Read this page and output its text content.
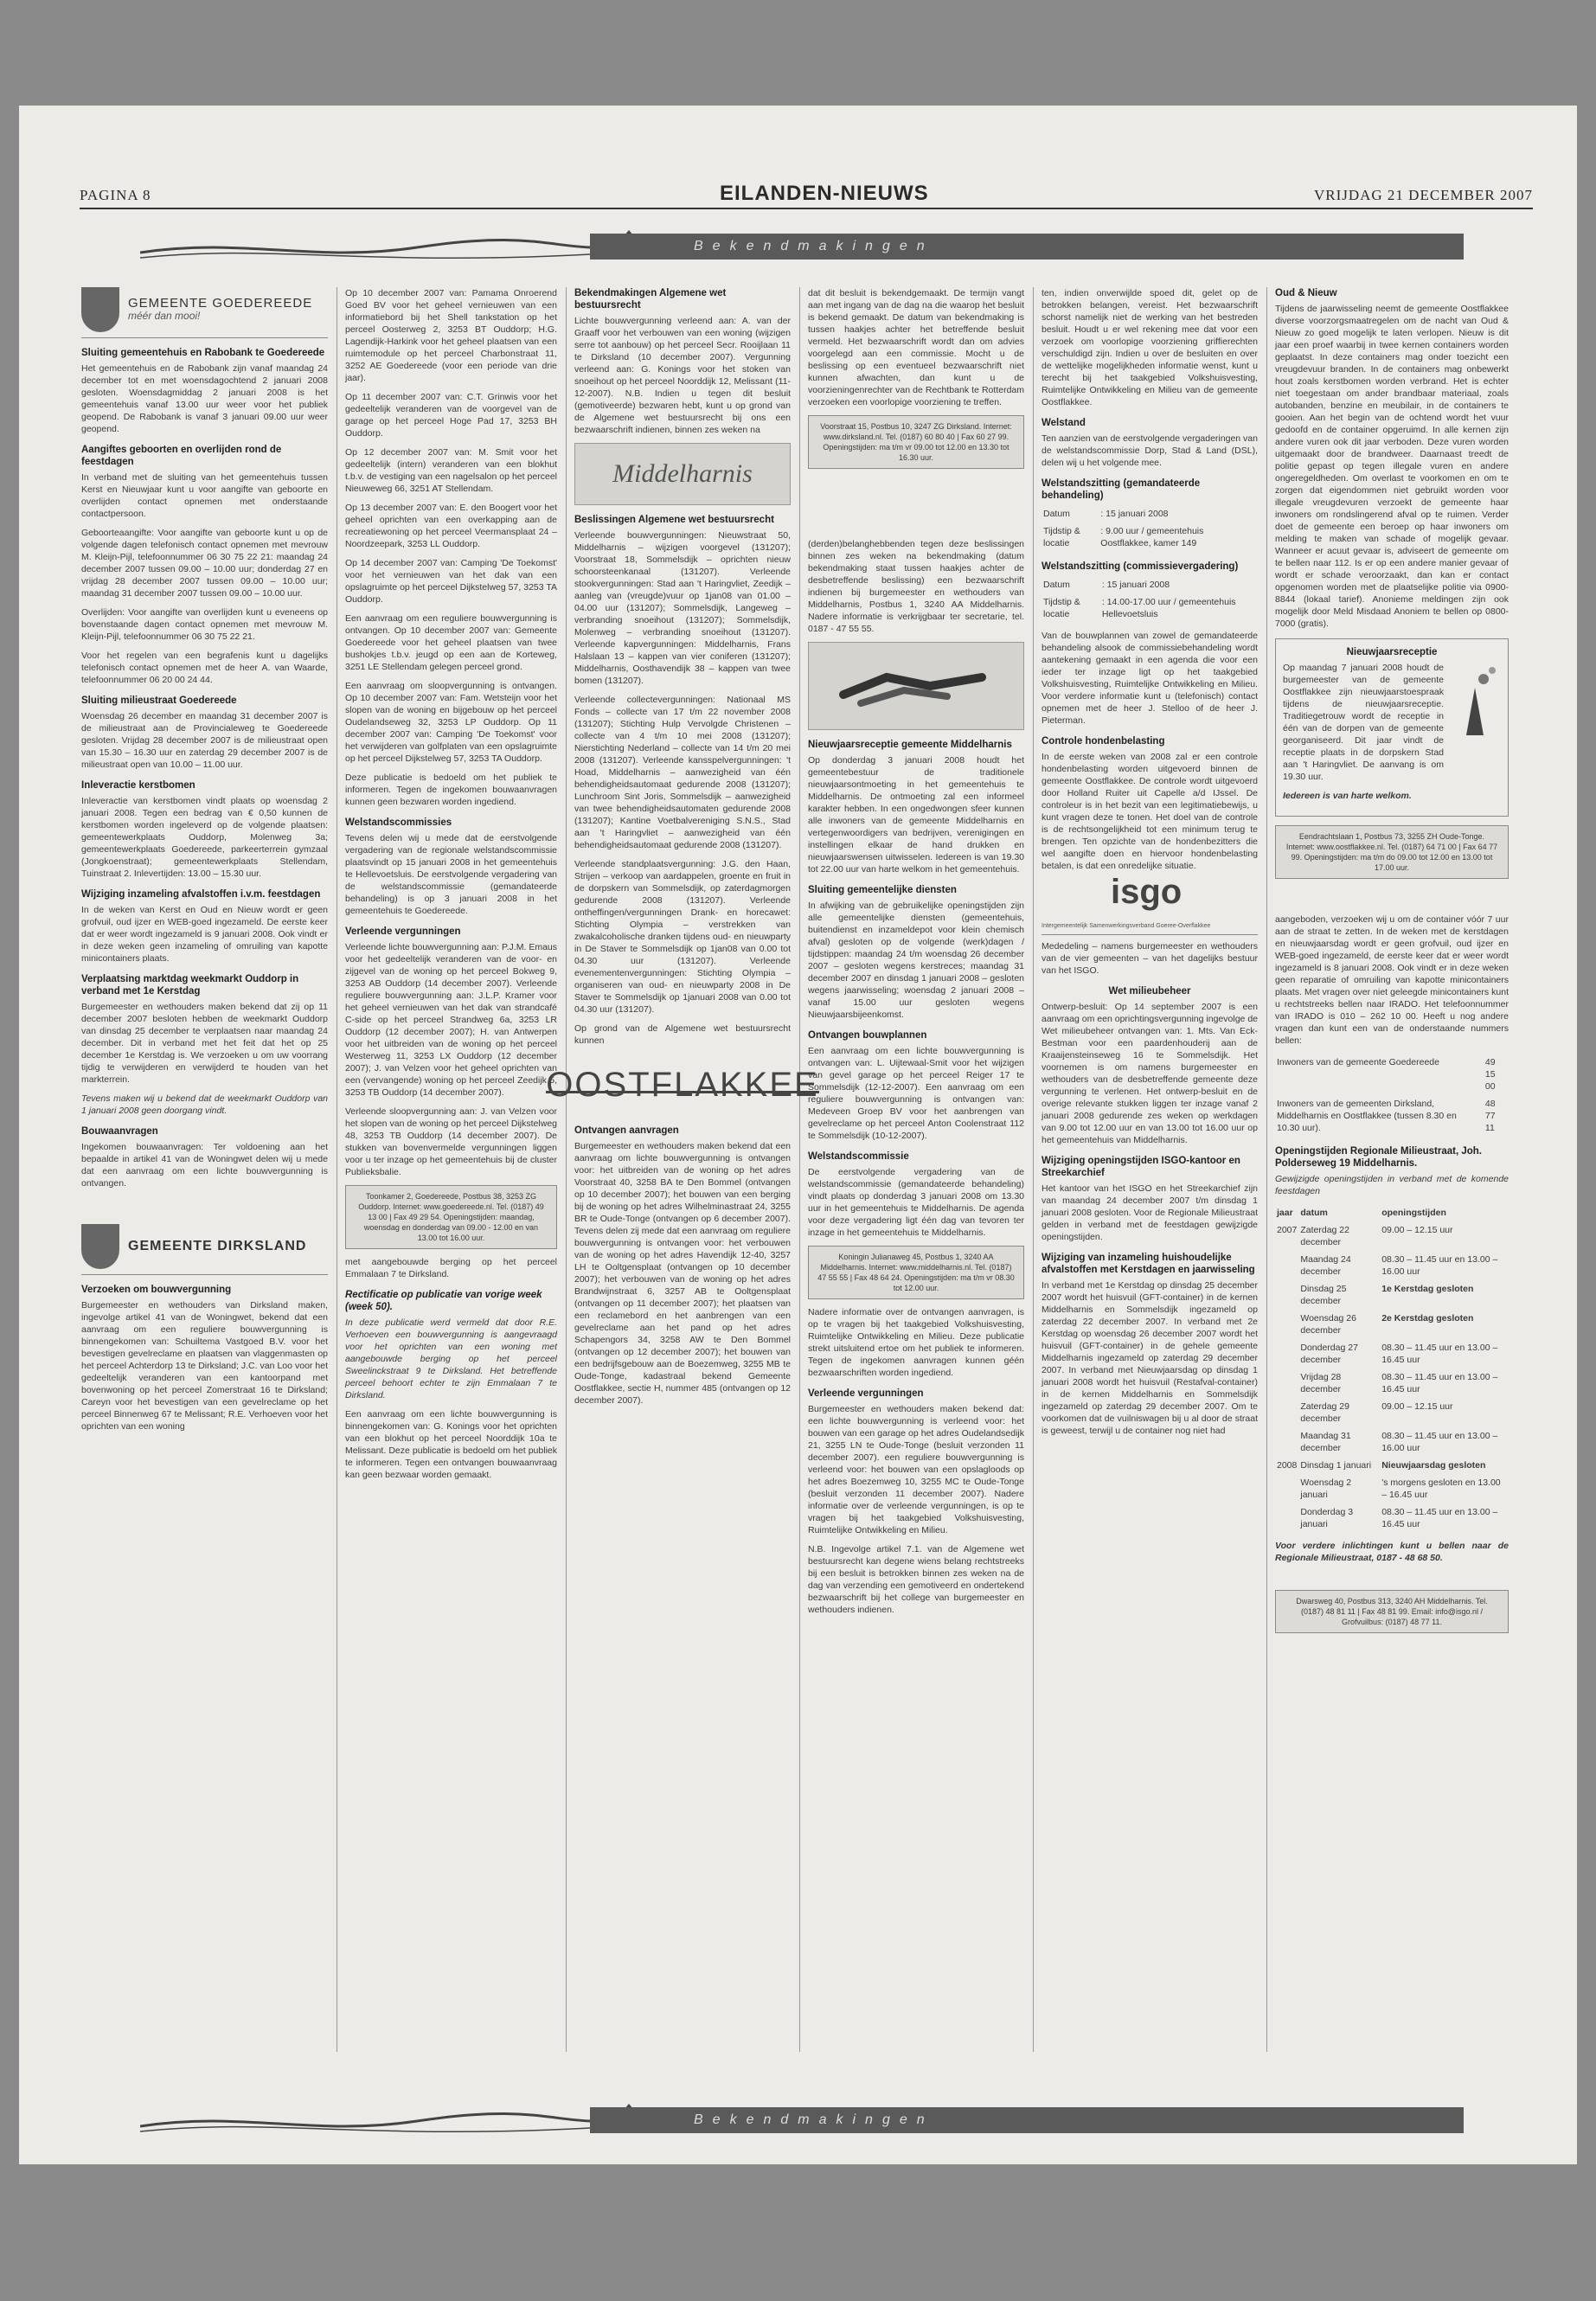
PAGINA 8	EILANDEN-NIEUWS	VRIJDAG 21 DECEMBER 2007
Bekendmakingen
GEMEENTE GOEDEREEDE
méér dan mooi!
Sluiting gemeentehuis en Rabobank te Goedereede

Het gemeentehuis en de Rabobank zijn vanaf maandag 24 december tot en met woensdagochtend 2 januari 2008 gesloten. Woensdagmiddag 2 januari 2008 is het gemeentehuis vanaf 13.00 uur weer voor het publiek geopend. De Rabobank is vanaf 3 januari 09.00 uur weer geopend.

Aangiftes geboorten en overlijden rond de feestdagen

In verband met de sluiting van het gemeentehuis tussen Kerst en Nieuwjaar kunt u voor aangifte van geboorte en overlijden contact opnemen met onderstaande contactpersoon.

Geboorteaangifte: Voor aangifte van geboorte kunt u op de volgende dagen telefonisch contact opnemen met mevrouw M. Kleijn-Pijl, telefoonnummer 06 30 75 22 21: maandag 24 december 2007 tussen 09.00 – 10.00 uur; donderdag 27 en vrijdag 28 december 2007 tussen 09.00 – 10.00 uur; maandag 31 december 2007 tussen 09.00 – 10.00 uur.

Overlijden: Voor aangifte van overlijden kunt u eveneens op bovenstaande dagen contact opnemen met mevrouw M. Kleijn-Pijl, telefoonnummer 06 30 75 22 21.

Voor het regelen van een begrafenis kunt u dagelijks telefonisch contact opnemen met de heer A. van Waarde, telefoonnummer 06 20 00 24 44.

Sluiting milieustraat Goedereede

Woensdag 26 december en maandag 31 december 2007 is de milieustraat aan de Provincialeweg te Goedereede gesloten. Vrijdag 28 december 2007 is de milieustraat open van 15.30 – 16.30 uur en zaterdag 29 december 2007 is de milieustraat open van 10.00 – 11.00 uur.

Inleveractie kerstbomen

Inleveractie van kerstbomen vindt plaats op woensdag 2 januari 2008. Tegen een bedrag van € 0,50 kunnen de kerstbomen worden ingeleverd op de volgende plaatsen: gemeentewerkplaats Ouddorp, Molenweg 3a; gemeentewerkplaats Goedereede, parkeerterrein gymzaal (Jongkoenstraat); gemeentewerkplaats Stellendam, Tuinstraat 2. Inlevertijden: 13.00 – 15.30 uur.

Wijziging inzameling afvalstoffen i.v.m. feestdagen

In de weken van Kerst en Oud en Nieuw wordt er geen grofvuil, oud ijzer en WEB-goed ingezameld. De eerste keer dat er weer wordt ingezameld is 9 januari 2008. Ook vindt er in deze weken geen inzameling of omruiling van kapotte minicontainers plaats.

Verplaatsing marktdag weekmarkt Ouddorp in verband met 1e Kerstdag

Burgemeester en wethouders maken bekend dat zij op 11 december 2007 besloten hebben de weekmarkt Ouddorp van dinsdag 25 december te verplaatsen naar maandag 24 december. Dit in verband met het feit dat het op 25 december 1e Kerstdag is. We verzoeken u om uw voorrang tijdig te verwijderen en verwijderd te houden van het markterrein.

Tevens maken wij u bekend dat de weekmarkt Ouddorp van 1 januari 2008 geen doorgang vindt.

Bouwaanvragen

Ingekomen bouwaanvragen: Ter voldoening aan het bepaalde in artikel 41 van de Woningwet delen wij u mede dat een aanvraag om een lichte bouwvergunning is ontvangen.

GEMEENTE DIRKSLAND
Verzoeken om bouwvergunning

Burgemeester en wethouders van Dirksland maken, ingevolge artikel 41 van de Woningwet, bekend dat een aanvraag om een reguliere bouwvergunning is binnengekomen van: Schuiltema Vastgoed B.V. voor het bevestigen gevelreclame en plaatsen van vlaggenmasten op het perceel Achterdorp 13 te Dirksland; J.C. van Loo voor het gedeeltelijk veranderen van een kantoorpand met bovenwoning op het perceel Zomerstraat 16 te Dirksland; Careyn voor het bevestigen van een gevelreclame op het perceel Binnenweg 67 te Melissant; R.E. Verhoeven voor het oprichten van een woning

Op 10 december 2007 van: Pamama Onroerend Goed BV voor het geheel vernieuwen van een informatiebord bij het Shell tankstation op het perceel Oosterweg 2, 3253 BT Ouddorp; H.G. Lagendijk-Harkink voor het geheel plaatsen van een ruimtemodule op het perceel Charbonstraat 11, 3252 AE Goedereede (voor een periode van drie jaar).

Op 11 december 2007 van: C.T. Grinwis voor het gedeeltelijk veranderen van de voorgevel van de garage op het perceel Hoge Pad 17, 3253 BH Ouddorp.

Op 12 december 2007 van: M. Smit voor het gedeeltelijk (intern) veranderen van een blokhut t.b.v. de vestiging van een nagelsalon op het perceel Nieuweweg 66, 3251 AT Stellendam.

Op 13 december 2007 van: E. den Boogert voor het geheel oprichten van een overkapping aan de recreatiewoning op het perceel Veermansplaat 24 – Noordzeepark, 3253 LL Ouddorp.

Op 14 december 2007 van: Camping 'De Toekomst' voor het vernieuwen van het dak van een opslagruimte op het perceel Dijkstelweg 57, 3253 TA Ouddorp.

Een aanvraag om een reguliere bouwvergunning is ontvangen. Op 10 december 2007 van: Gemeente Goedereede voor het geheel plaatsen van twee bushokjes t.b.v. jeugd op een aan de Korteweg, 3251 LE Stellendam gelegen perceel grond.

Een aanvraag om sloopvergunning is ontvangen. Op 10 december 2007 van: Fam. Wetsteijn voor het slopen van de woning en bijgebouw op het perceel Oudelandseweg 32, 3253 LP Ouddorp. Op 11 december 2007 van: Camping 'De Toekomst' voor het verwijderen van golfplaten van een opslagruimte op het perceel Dijkstelweg 57, 3253 TA Ouddorp.

Deze publicatie is bedoeld om het publiek te informeren. Tegen de ingekomen bouwaanvragen kunnen geen bezwaren worden ingediend.

Welstandscommissies

Tevens delen wij u mede dat de eerstvolgende vergadering van de regionale welstandscommissie plaatsvindt op 15 januari 2008 in het gemeentehuis te Hellevoetsluis. De eerstvolgende vergadering van de welstandscommissie (gemandateerde behandeling) is op 3 januari 2008 in het gemeentehuis te Goedereede.

Verleende vergunningen

Verleende lichte bouwvergunning aan: P.J.M. Emaus voor het gedeeltelijk veranderen van de voor- en zijgevel van de woning op het perceel Bokweg 9, 3253 AB Ouddorp (14 december 2007). Verleende reguliere bouwvergunning aan: J.L.P. Kramer voor het geheel vernieuwen van het dak van strandcafé C-side op het perceel Strandweg 6a, 3253 LR Ouddorp (12 december 2007); H. van Antwerpen voor het uitbreiden van de woning op het perceel Westerweg 11, 3253 LX Ouddorp (12 december 2007); J. van Velzen voor het geheel oprichten van een (vervangende) woning op het perceel Zeedijk 5, 3253 TB Ouddorp (14 december 2007).

Verleende sloopvergunning aan: J. van Velzen voor het slopen van de woning op het perceel Dijkstelweg 48, 3253 TB Ouddorp (14 december 2007). De stukken van bovenvermelde vergunningen liggen voor u ter inzage op het gemeentehuis bij de cluster Publieksbalie.

Toonkamer 2, Goedereede, Postbus 38, 3253 ZG Ouddorp. Internet: www.goedereede.nl. Tel. (0187) 49 13 00 | Fax 49 29 54. Openingstijden: maandag, woensdag en donderdag van 09.00 - 12.00 en van 13.00 tot 16.00 uur.

met aangebouwde berging op het perceel Emmalaan 7 te Dirksland.

Rectificatie op publicatie van vorige week (week 50).

In deze publicatie werd vermeld dat door R.E. Verhoeven een bouwvergunning is aangevraagd voor het oprichten van een woning met aangebouwde berging op het perceel Sweelinckstraat 9 te Dirksland. Het betreffende perceel behoort echter te zijn Emmalaan 7 te Dirksland.

Een aanvraag om een lichte bouwvergunning is binnengekomen van: G. Konings voor het oprichten van een blokhut op het perceel Noorddijk 10a te Melissant. Deze publicatie is bedoeld om het publiek te informeren. Tegen een ontvangen bouwaanvraag kan geen bezwaar worden gemaakt.

Bekendmakingen Algemene wet bestuursrecht

Lichte bouwvergunning verleend aan: A. van der Graaff voor het verbouwen van een woning (wijzigen serre tot aanbouw) op het perceel Secr. Rooijlaan 11 te Dirksland (10 december 2007). Vergunning verleend aan: G. Konings voor het stoken van snoeihout op het perceel Noorddijk 12, Melissant (11-12-2007). N.B. Indien u tegen dit besluit (gemotiveerde) bezwaren hebt, kunt u op grond van de Algemene wet bestuursrecht bij ons een bezwaarschrift indienen, binnen zes weken na

Middelharnis
Beslissingen Algemene wet bestuursrecht

Verleende bouwvergunningen: Nieuwstraat 50, Middelharnis – wijzigen voorgevel (131207); Voorstraat 18, Sommelsdijk – oprichten nieuw schoorsteenkanaal (131207). Verleende stookvergunningen: Stad aan 't Haringvliet, Zeedijk – aanleg van (vreugde)vuur op 1jan08 van 01.00 – 04.00 uur (131207); Sommelsdijk, Langeweg – verbranding snoeihout (131207); Sommelsdijk, Molenweg – verbranding snoeihout (131207). Verleende kapvergunningen: Middelharnis, Frans Halslaan 13 – kappen van vier coniferen (131207); Middelharnis, Oosthavendijk 38 – kappen van twee bomen (131207).

Verleende collectevergunningen: Nationaal MS Fonds – collecte van 17 t/m 22 november 2008 (131207); Stichting Hulp Vervolgde Christenen – collecte van 4 t/m 10 mei 2008 (131207); Nierstichting Nederland – collecte van 14 t/m 20 mei 2008 (131207). Verleende kansspelvergunningen: 't Hoad, Middelharnis – aanwezigheid van één behendigheidsautomaat gedurende 2008 (131207); Lunchroom Sint Joris, Sommelsdijk – aanwezigheid van twee behendigheidsautomaten gedurende 2008 (131207); Kantine Voetbalvereniging S.N.S., Stad aan 't Haringvliet – aanwezigheid van één behendigheidsautomaat gedurende 2008 (131207).

Verleende standplaatsvergunning: J.G. den Haan, Strijen – verkoop van aardappelen, groente en fruit in de dorpskern van Sommelsdijk, op zaterdagmorgen gedurende 2008 (131207). Verleende ontheffingen/vergunningen Drank- en horecawet: Stichting Olympia – verstrekken van zwakalcoholische dranken tijdens oud- en nieuwparty in De Staver te Sommelsdijk op 1jan08 van 0.00 tot 04.30 uur (131207). Verleende evenementenvergunningen: Stichting Olympia – organiseren van oud- en nieuwparty 2008 in De Staver te Sommelsdijk op 1januari 2008 van 0.00 tot 04.30 uur (131207).

Op grond van de Algemene wet bestuursrecht kunnen

OOSTFLAKKEE
Ontvangen aanvragen

Burgemeester en wethouders maken bekend dat een aanvraag om lichte bouwvergunning is ontvangen voor: het uitbreiden van de woning op het adres Voorstraat 40, 3258 BA te Den Bommel (ontvangen op 10 december 2007); het bouwen van een berging bij de woning op het adres Wilhelminastraat 24, 3255 BR te Oude-Tonge (ontvangen op 6 december 2007). Tevens delen zij mede dat een aanvraag om reguliere bouwvergunning is ontvangen voor: het verbouwen van de woning op het adres Havendijk 12-40, 3257 LH te Ooltgensplaat (ontvangen op 10 december 2007); het verbouwen van de woning op het adres Brandwijnstraat 6, 3257 AB te Ooltgensplaat (ontvangen op 11 december 2007); het plaatsen van een reclamebord en het aanbrengen van een gevelreclame aan het pand op het adres Schapengors 34, 3258 AW te Den Bommel (ontvangen op 12 december 2007); het bouwen van een bedrijfsgebouw aan de Boezemweg, 3255 MB te Oude-Tonge, kadastraal bekend Gemeente Oostflakkee, sectie H, nummer 485 (ontvangen op 12 december 2007).

dat dit besluit is bekendgemaakt. De termijn vangt aan met ingang van de dag na die waarop het besluit is bekend gemaakt. De datum van bekendmaking is tussen haakjes achter het betreffende besluit vermeld. Het bezwaarschrift wordt dan om advies voorgelegd aan een commissie. Mocht u de beslissing op een eventueel bezwaarschrift niet kunnen afwachten, dan kunt u de voorzieningenrechter van de Rechtbank te Rotterdam verzoeken een voorlopige voorziening te treffen.

Voorstraat 15, Postbus 10, 3247 ZG Dirksland. Internet: www.dirksland.nl. Tel. (0187) 60 80 40 | Fax 60 27 99. Openingstijden: ma t/m vr 09.00 tot 12.00 en 13.30 tot 16.30 uur.

(derden)belanghebbenden tegen deze beslissingen binnen zes weken na bekendmaking (datum bekendmaking staat tussen haakjes achter de desbetreffende beslissing) een bezwaarschrift indienen bij burgemeester en wethouders van Middelharnis, Postbus 1, 3240 AA Middelharnis. Nadere informatie is verkrijgbaar ter secretarie, tel. 0187 - 47 55 55.

Nieuwjaarsreceptie gemeente Middelharnis

Op donderdag 3 januari 2008 houdt het gemeentebestuur de traditionele nieuwjaarsontmoeting in het gemeentehuis te Middelharnis. De ontmoeting zal een informeel karakter hebben. In een ongedwongen sfeer kunnen alle inwoners van de gemeente Middelharnis en vertegenwoordigers van bedrijven, verenigingen en instellingen elkaar de hand drukken en nieuwjaarswensen uitwisselen. Iedereen is van 19.30 tot 22.00 uur van harte welkom in het gemeentehuis.

Sluiting gemeentelijke diensten

In afwijking van de gebruikelijke openingstijden zijn alle gemeentelijke diensten (gemeentehuis, buitendienst en inzameldepot voor klein chemisch afval) gesloten op de volgende (werk)dagen / tijdstippen: maandag 24 t/m woensdag 26 december 2007 – gesloten wegens kerstreces; maandag 31 december 2007 en dinsdag 1 januari 2008 – gesloten wegens jaarwisseling; woensdag 2 januari 2008 – vanaf 15.00 uur gesloten wegens Nieuwjaarsbijeenkomst.

Ontvangen bouwplannen

Een aanvraag om een lichte bouwvergunning is ontvangen van: L. Uijtewaal-Smit voor het wijzigen van gevel garage op het perceel Reiger 17 te Sommelsdijk (12-12-2007). Een aanvraag om een reguliere bouwvergunning is ontvangen van: Medeveen Groep BV voor het aanbrengen van gevelreclame op het perceel Anton Coolenstraat 112 te Sommelsdijk (10-12-2007).

Welstandscommissie

De eerstvolgende vergadering van de welstandscommissie (gemandateerde behandeling) vindt plaats op donderdag 3 januari 2008 om 13.30 uur in het gemeentehuis te Middelharnis. De agenda voor deze vergadering ligt één dag van tevoren ter inzage in het gemeentehuis te Middelharnis.

Koningin Julianaweg 45, Postbus 1, 3240 AA Middelharnis. Internet: www.middelharnis.nl. Tel. (0187) 47 55 55 | Fax 48 64 24. Openingstijden: ma t/m vr 08.30 tot 12.00 uur.

Nadere informatie over de ontvangen aanvragen, is op te vragen bij het taakgebied Volkshuisvesting, Ruimtelijke Ontwikkeling en Milieu. Deze publicatie strekt uitsluitend ertoe om het publiek te informeren. Tegen de ingekomen aanvragen kunnen géén bezwaarschriften worden ingediend.

Verleende vergunningen

Burgemeester en wethouders maken bekend dat: een lichte bouwvergunning is verleend voor: het bouwen van een garage op het adres Oudelandsedijk 21, 3255 LN te Oude-Tonge (besluit verzonden 11 december 2007). een reguliere bouwvergunning is verleend voor: het bouwen van een opslagloods op het adres Boezemweg 10, 3255 MC te Oude-Tonge (besluit verzonden 11 december 2007). Nadere informatie over de verleende vergunningen, is op te vragen bij het taakgebied Volkshuisvesting, Ruimtelijke Ontwikkeling en Milieu.

N.B. Ingevolge artikel 7.1. van de Algemene wet bestuursrecht kan degene wiens belang rechtstreeks bij een besluit is betrokken binnen zes weken na de dag van verzending een gemotiveerd en ondertekend bezwaarschrift bij het college van burgemeester en wethouders indienen.

ten, indien onverwijlde spoed dit, gelet op de betrokken belangen, vereist. Het bezwaarschrift schorst namelijk niet de werking van het bestreden besluit. Houdt u er wel rekening mee dat voor een verzoek om voorlopige voorziening griffierechten verschuldigd zijn. Indien u over de besluiten en over de wettelijke mogelijkheden informatie wenst, kunt u terecht bij het taakgebied Volkshuisvesting, Ruimtelijke Ontwikkeling en Milieu van de gemeente Oostflakkee.

Welstand

Ten aanzien van de eerstvolgende vergaderingen van de welstandscommissie Dorp, Stad & Land (DSL), delen wij u het volgende mee.

Welstandszitting (gemandateerde behandeling)
Datum	: 15 januari 2008
Tijdstip & locatie	: 9.00 uur / gemeentehuis Oostflakkee, kamer 149
Welstandszitting (commissievergadering)
Datum	: 15 januari 2008
Tijdstip & locatie	: 14.00-17.00 uur / gemeentehuis Hellevoetsluis

Van de bouwplannen van zowel de gemandateerde behandeling alsook de commissiebehandeling wordt aantekening gemaakt in een agenda die voor een ieder ter inzage ligt op het taakgebied Volkshuisvesting, Ruimtelijke Ontwikkeling en Milieu. Voor verdere informatie kunt u (telefonisch) contact opnemen met de heer J. Stelloo of de heer J. Pieterman.

Controle hondenbelasting

In de eerste weken van 2008 zal er een controle hondenbelasting worden uitgevoerd binnen de gemeente Oostflakkee. De controle wordt uitgevoerd door Holland Ruiter uit Capelle a/d IJssel. De controleur is in het bezit van een legitimatiebewijs, u kunt vragen deze te tonen. Het doel van de controle is de rechtsongelijkheid tot een minimum terug te brengen. Ten opzichte van de hondenbezitters die wel aangifte doen en hiervoor hondenbelasting betalen, is dat een onredelijke situatie.

isgo
Intergemeentelijk Samenwerkingsverband Goeree-Overflakkee

Mededeling – namens burgemeester en wethouders van de vier gemeenten – van het dagelijks bestuur van het ISGO.

Wet milieubeheer

Ontwerp-besluit: Op 14 september 2007 is een aanvraag om een oprichtingsvergunning ingevolge de Wet milieubeheer ontvangen van: 1. Mts. Van Eck-Bestman voor een paardenhouderij aan de Kraaijensteinseweg 16 te Sommelsdijk. Het voornemen is om namens burgemeester en wethouders van de desbetreffende gemeente deze vergunning te verlenen. Het ontwerp-besluit en de overige relevante stukken liggen ter inzage vanaf 2 januari 2008 gedurende zes weken op werkdagen van 9.00 tot 12.00 uur en van 13.00 tot 16.00 uur op het gemeentehuis van Middelharnis.

Wijziging openingstijden ISGO-kantoor en Streekarchief

Het kantoor van het ISGO en het Streekarchief zijn van maandag 24 december 2007 t/m dinsdag 1 januari 2008 gesloten. Voor de Regionale Milieustraat gelden in verband met de feestdagen gewijzigde openingstijden.

Wijziging van inzameling huishoudelijke afvalstoffen met Kerstdagen en jaarwisseling

In verband met 1e Kerstdag op dinsdag 25 december 2007 wordt het huisvuil (GFT-container) in de kernen Middelharnis en Sommelsdijk ingezameld op zaterdag 22 december 2007. In verband met 2e Kerstdag op woensdag 26 december 2007 wordt het huisvuil (GFT-container) in de gehele gemeente Middelharnis ingezameld op zaterdag 29 december 2007. In verband met Nieuwjaarsdag op dinsdag 1 januari 2008 wordt het huisvuil (Restafval-container) in de kernen Middelharnis en Sommelsdijk ingezameld op zaterdag 29 december 2007. Om te voorkomen dat de vuilniswagen bij u al door de straat is geweest, terwijl u de container nog niet had

Oud & Nieuw

Tijdens de jaarwisseling neemt de gemeente Oostflakkee diverse voorzorgsmaatregelen om de nacht van Oud & Nieuw zo goed mogelijk te laten verlopen. Nieuw is dit jaar een proef waarbij in twee kernen containers worden geplaatst. In deze containers mag onder toezicht een vreugdevuur branden. In de containers mag onbewerkt hout zoals kerstbomen worden verbrand. Het is echter niet toegestaan om ander brandbaar materiaal, zoals autobanden, benzine en meubilair, in de containers te gooien. Aan het begin van de ochtend wordt het vuur gedoofd en de container opgeruimd. In alle kernen zijn andere vuren ook dit jaar verboden. Deze vuren worden uitgemaakt door de brandweer. Daarnaast treedt de politie gepast op tegen illegale vuren en andere ongeregeldheden. Om overlast te voorkomen en om te zorgen dat eigendommen niet gebruikt worden voor illegale vreugdevuren verzoekt de gemeente haar inwoners om rondslingerend afval op te ruimen. Verder doet de gemeente een beroep op haar inwoners om melding te maken van schade of mogelijk gevaar. Wanneer er acuut gevaar is, adviseert de gemeente om te bellen naar 112. Is er op een andere manier gevaar of wordt er schade veroorzaakt, dan kan er contact opgenomen worden met de plaatselijke politie via 0900-8844 (lokaal tarief). Anonieme meldingen zijn ook mogelijk door Meld Misdaad Anoniem te bellen op 0800-7000 (gratis).

Nieuwjaarsreceptie

Op maandag 7 januari 2008 houdt de burgemeester van de gemeente Oostflakkee zijn nieuwjaarstoespraak tijdens de nieuwjaarsreceptie. Traditiegetrouw wordt de receptie in één van de dorpen van de gemeente georganiseerd. Dit jaar vindt de receptie plaats in de dorpskern Stad aan 't Haringvliet. De aanvang is om 19.30 uur.

Iedereen is van harte welkom.

Eendrachtslaan 1, Postbus 73, 3255 ZH Oude-Tonge. Internet: www.oostflakkee.nl. Tel. (0187) 64 71 00 | Fax 64 77 99. Openingstijden: ma t/m do 09.00 tot 12.00 en 13.00 tot 17.00 uur.

aangeboden, verzoeken wij u om de container vóór 7 uur aan de straat te zetten. In de weken met de kerstdagen en nieuwjaarsdag wordt er geen grofvuil, oud ijzer en WEB-goed ingezameld, de eerste keer dat er weer wordt ingezameld is 8 januari 2008. Ook vindt er in deze weken geen reparatie of omruiling van kapotte minicontainers plaats. Met vragen over niet geleegde minicontainers kunt u rechtstreeks bellen naar IRADO. Het telefoonnummer van IRADO is 010 – 262 10 00. Heeft u nog andere vragen dan kunt een van de onderstaande nummers bellen:

Inwoners van de gemeente Goedereede	49 15 00
Inwoners van de gemeenten Dirksland, Middelharnis en Oostflakkee (tussen 8.30 en 10.30 uur).	48 77 11
Openingstijden Regionale Milieustraat, Joh. Polderseweg 19 Middelharnis.

Gewijzigde openingstijden in verband met de komende feestdagen

jaar	datum	openingstijden
2007	Zaterdag 22 december	09.00 – 12.15 uur
	Maandag 24 december	08.30 – 11.45 uur en 13.00 – 16.00 uur
	Dinsdag 25 december	1e Kerstdag gesloten
	Woensdag 26 december	2e Kerstdag gesloten
	Donderdag 27 december	08.30 – 11.45 uur en 13.00 – 16.45 uur
	Vrijdag 28 december	08.30 – 11.45 uur en 13.00 – 16.45 uur
	Zaterdag 29 december	09.00 – 12.15 uur
	Maandag 31 december	08.30 – 11.45 uur en 13.00 – 16.00 uur
2008	Dinsdag 1 januari	Nieuwjaarsdag gesloten
	Woensdag 2 januari	's morgens gesloten en 13.00 – 16.45 uur
	Donderdag 3 januari	08.30 – 11.45 uur en 13.00 – 16.45 uur

Voor verdere inlichtingen kunt u bellen naar de Regionale Milieustraat, 0187 - 48 68 50.

Dwarsweg 40, Postbus 313, 3240 AH Middelharnis. Tel. (0187) 48 81 11 | Fax 48 81 99. Email: info@isgo.nl / Grofvuilbus: (0187) 48 77 11.
Bekendmakingen
